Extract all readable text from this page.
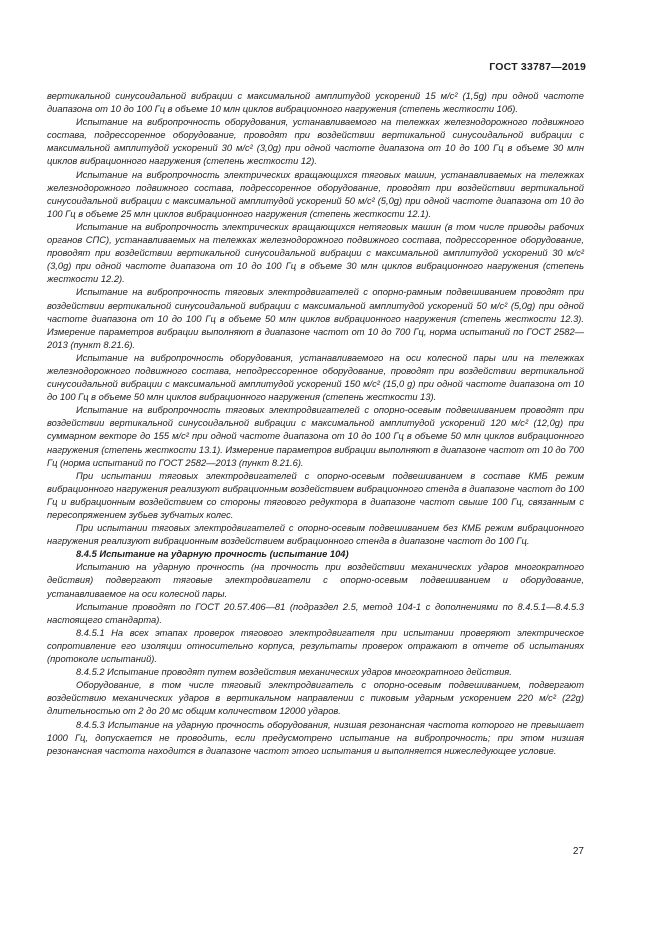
ГОСТ 33787—2019

вертикальной синусоидальной вибрации с максимальной амплитудой ускорений 15 м/с² (1,5g) при одной частоте диапазона от 10 до 100 Гц в объеме 10 млн циклов вибрационного нагружения (степень жесткости 10б).

Испытание на вибропрочность оборудования, устанавливаемого на тележках железнодорожного подвижного состава, подрессоренное оборудование, проводят при воздействии вертикальной синусоидальной вибрации с максимальной амплитудой ускорений 30 м/с² (3,0g) при одной частоте диапазона от 10 до 100 Гц в объеме 30 млн циклов вибрационного нагружения (степень жесткости 12).

Испытание на вибропрочность электрических вращающихся тяговых машин, устанавливаемых на тележках железнодорожного подвижного состава, подрессоренное оборудование, проводят при воздействии вертикальной синусоидальной вибрации с максимальной амплитудой ускорений 50 м/с² (5,0g) при одной частоте диапазона от 10 до 100 Гц в объеме 25 млн циклов вибрационного нагружения (степень жесткости 12.1).

Испытание на вибропрочность электрических вращающихся нетяговых машин (в том числе приводы рабочих органов СПС), устанавливаемых на тележках железнодорожного подвижного состава, подрессоренное оборудование, проводят при воздействии вертикальной синусоидальной вибрации с максимальной амплитудой ускорений 30 м/с² (3,0g) при одной частоте диапазона от 10 до 100 Гц в объеме 30 млн циклов вибрационного нагружения (степень жесткости 12.2).

Испытание на вибропрочность тяговых электродвигателей с опорно-рамным подвешиванием проводят при воздействии вертикальной синусоидальной вибрации с максимальной амплитудой ускорений 50 м/с² (5,0g) при одной частоте диапазона от 10 до 100 Гц в объеме 50 млн циклов вибрационного нагружения (степень жесткости 12.3). Измерение параметров вибрации выполняют в диапазоне частот от 10 до 700 Гц, норма испытаний по ГОСТ 2582—2013 (пункт 8.21.6).

Испытание на вибропрочность оборудования, устанавливаемого на оси колесной пары или на тележках железнодорожного подвижного состава, неподрессоренное оборудование, проводят при воздействии вертикальной синусоидальной вибрации с максимальной амплитудой ускорений 150 м/с² (15,0 g) при одной частоте диапазона от 10 до 100 Гц в объеме 50 млн циклов вибрационного нагружения (степень жесткости 13).

Испытание на вибропрочность тяговых электродвигателей с опорно-осевым подвешиванием проводят при воздействии вертикальной синусоидальной вибрации с максимальной амплитудой ускорений 120 м/с² (12,0g) при суммарном векторе до 155 м/с² при одной частоте диапазона от 10 до 100 Гц в объеме 50 млн циклов вибрационного нагружения (степень жесткости 13.1). Измерение параметров вибрации выполняют в диапазоне частот от 10 до 700 Гц (норма испытаний по ГОСТ 2582—2013 (пункт 8.21.6).

При испытании тяговых электродвигателей с опорно-осевым подвешиванием в составе КМБ режим вибрационного нагружения реализуют вибрационным воздействием вибрационного стенда в диапазоне частот до 100 Гц и вибрационным воздействием со стороны тягового редуктора в диапазоне частот свыше 100 Гц, связанным с пересопряжением зубьев зубчатых колес.

При испытании тяговых электродвигателей с опорно-осевым подвешиванием без КМБ режим вибрационного нагружения реализуют вибрационным воздействием вибрационного стенда в диапазоне частот до 100 Гц.

8.4.5 Испытание на ударную прочность (испытание 104)

Испытанию на ударную прочность (на прочность при воздействии механических ударов многократного действия) подвергают тяговые электродвигатели с опорно-осевым подвешиванием и оборудование, устанавливаемое на оси колесной пары.

Испытание проводят по ГОСТ 20.57.406—81 (подраздел 2.5, метод 104-1 с дополнениями по 8.4.5.1—8.4.5.3 настоящего стандарта).

8.4.5.1 На всех этапах проверок тягового электродвигателя при испытании проверяют электрическое сопротивление его изоляции относительно корпуса, результаты проверок отражают в отчете об испытаниях (протоколе испытаний).

8.4.5.2 Испытание проводят путем воздействия механических ударов многократного действия.

Оборудование, в том числе тяговый электродвигатель с опорно-осевым подвешиванием, подвергают воздействию механических ударов в вертикальном направлении с пиковым ударным ускорением 220 м/с² (22g) длительностью от 2 до 20 мс общим количеством 12000 ударов.

8.4.5.3 Испытание на ударную прочность оборудования, низшая резонансная частота которого не превышает 1000 Гц, допускается не проводить, если предусмотрено испытание на вибропрочность; при этом низшая резонансная частота находится в диапазоне частот этого испытания и выполняется нижеследующее условие.

27
